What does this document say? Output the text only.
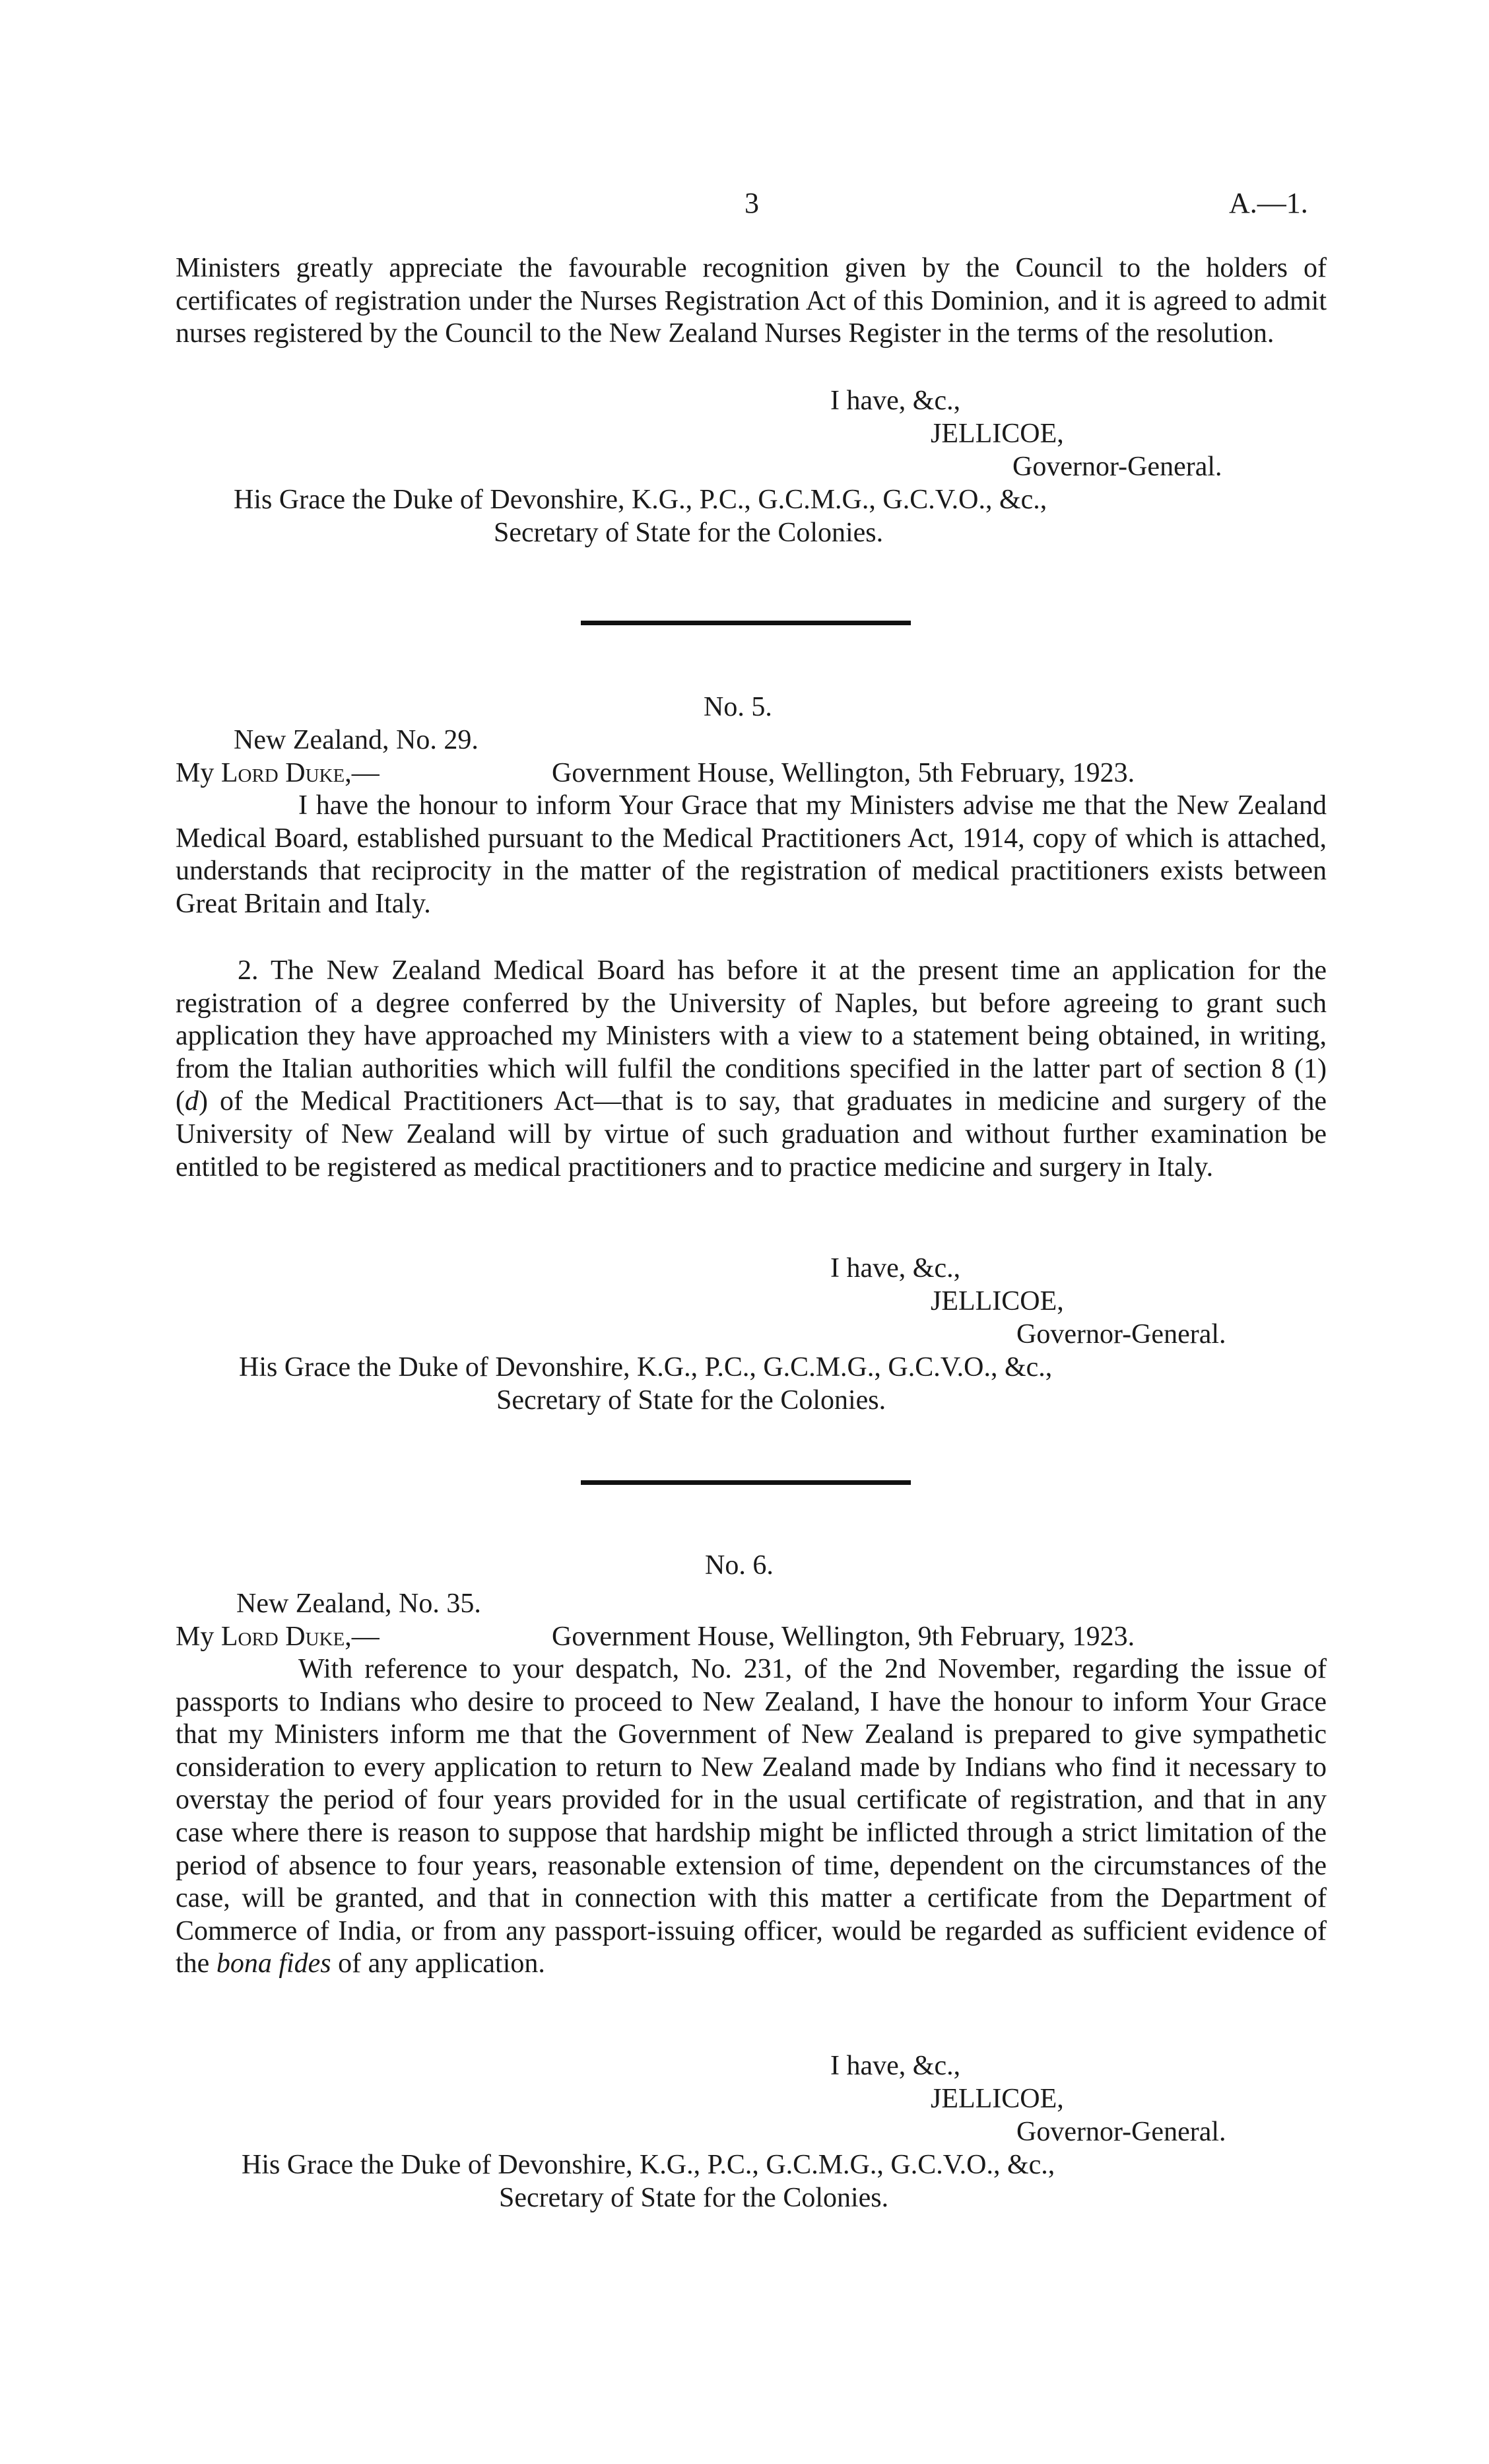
3	A.—1.
Ministers greatly appreciate the favourable recognition given by the Council to the holders of certificates of registration under the Nurses Registration Act of this Dominion, and it is agreed to admit nurses registered by the Council to the New Zealand Nurses Register in the terms of the resolution.
I have, &c.,
JELLICOE,
Governor-General.
His Grace the Duke of Devonshire, K.G., P.C., G.C.M.G., G.C.V.O., &c.,
Secretary of State for the Colonies.
No. 5.
New Zealand, No. 29.
My Lord Duke,—	Government House, Wellington, 5th February, 1923.
I have the honour to inform Your Grace that my Ministers advise me that the New Zealand Medical Board, established pursuant to the Medical Practitioners Act, 1914, copy of which is attached, understands that reciprocity in the matter of the registration of medical practitioners exists between Great Britain and Italy.
2. The New Zealand Medical Board has before it at the present time an application for the registration of a degree conferred by the University of Naples, but before agreeing to grant such application they have approached my Ministers with a view to a statement being obtained, in writing, from the Italian authorities which will fulfil the conditions specified in the latter part of section 8 (1) (d) of the Medical Practitioners Act—that is to say, that graduates in medicine and surgery of the University of New Zealand will by virtue of such graduation and without further examination be entitled to be registered as medical practitioners and to practice medicine and surgery in Italy.
I have, &c.,
JELLICOE,
Governor-General.
His Grace the Duke of Devonshire, K.G., P.C., G.C.M.G., G.C.V.O., &c.,
Secretary of State for the Colonies.
No. 6.
New Zealand, No. 35.
My Lord Duke,—	Government House, Wellington, 9th February, 1923.
With reference to your despatch, No. 231, of the 2nd November, regarding the issue of passports to Indians who desire to proceed to New Zealand, I have the honour to inform Your Grace that my Ministers inform me that the Government of New Zealand is prepared to give sympathetic consideration to every application to return to New Zealand made by Indians who find it necessary to overstay the period of four years provided for in the usual certificate of registration, and that in any case where there is reason to suppose that hardship might be inflicted through a strict limitation of the period of absence to four years, reasonable extension of time, dependent on the circumstances of the case, will be granted, and that in connection with this matter a certificate from the Department of Commerce of India, or from any passport-issuing officer, would be regarded as sufficient evidence of the bona fides of any application.
I have, &c.,
JELLICOE,
Governor-General.
His Grace the Duke of Devonshire, K.G., P.C., G.C.M.G., G.C.V.O., &c.,
Secretary of State for the Colonies.
